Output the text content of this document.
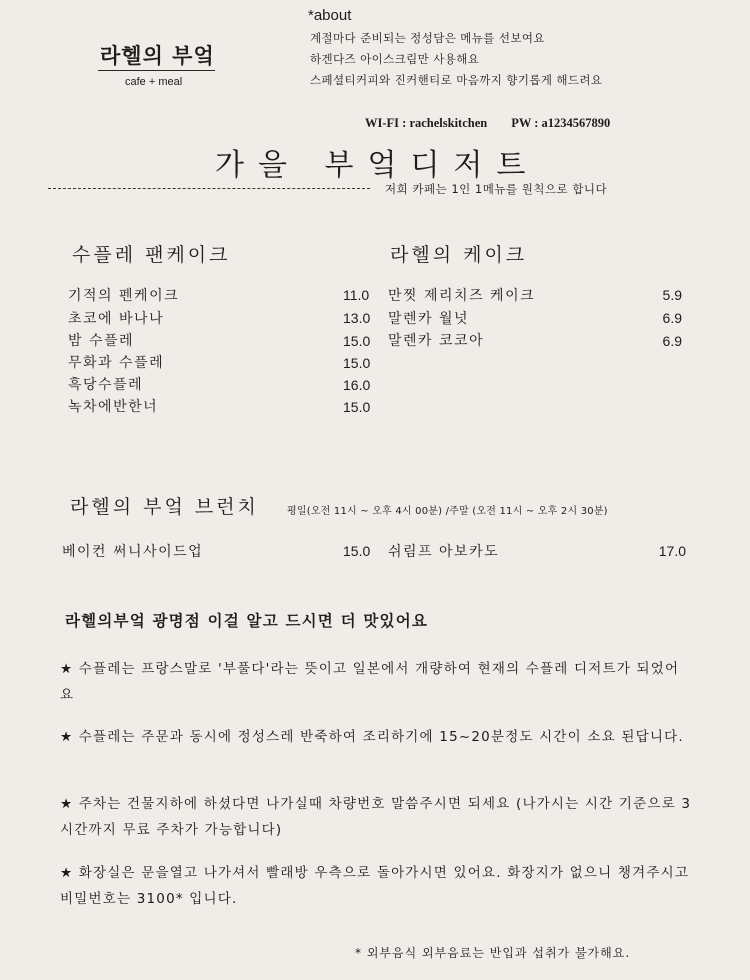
라헬의 부엌
cafe + meal
*about
계절마다 준비되는 정성담은 메뉴를 선보여요
하겐다즈 아이스크림만 사용해요
스페셜티커피와 진커핸티로 마음까지 향기롭게 해드려요
WI-FI : rachelskitchen PW : a1234567890
가을 부엌디저트
저희 카페는 1인 1메뉴를 원칙으로 합니다
수플레 팬케이크
기적의 펜케이크	11.0
초코에 바나나	13.0
밤 수플레	15.0
무화과 수플레	15.0
흑당수플레	16.0
녹차에반한너	15.0
라헬의 케이크
만찟 제리치즈 케이크	5.9
말렌카 월넛	6.9
말렌카 코코아	6.9
라헬의 부엌 브런치	평일(오전 11시 ~ 오후 4시 00분) /주말 (오전 11시 ~ 오후 2시 30분)
베이컨 써니사이드업	15.0 쉬림프 아보카도	17.0
라헬의부엌 광명점 이걸 알고 드시면 더 맛있어요
★ 수플레는 프랑스말로 '부풀다'라는 뜻이고 일본에서 개량하여 현재의 수플레 디저트가 되었어요
★ 수플레는 주문과 동시에 정성스레 반죽하여 조리하기에 15~20분정도 시간이 소요 된답니다.
★ 주차는 건물지하에 하셨다면 나가실때 차량번호 말씀주시면 되세요 (나가시는 시간 기준으로 3시간까지 무료 주차가 가능합니다)
★ 화장실은 문을열고 나가셔서 빨래방 우측으로 돌아가시면 있어요. 화장지가 없으니 챙겨주시고 비밀번호는 3100* 입니다.
* 외부음식 외부음료는 반입과 섭취가 불가해요.
